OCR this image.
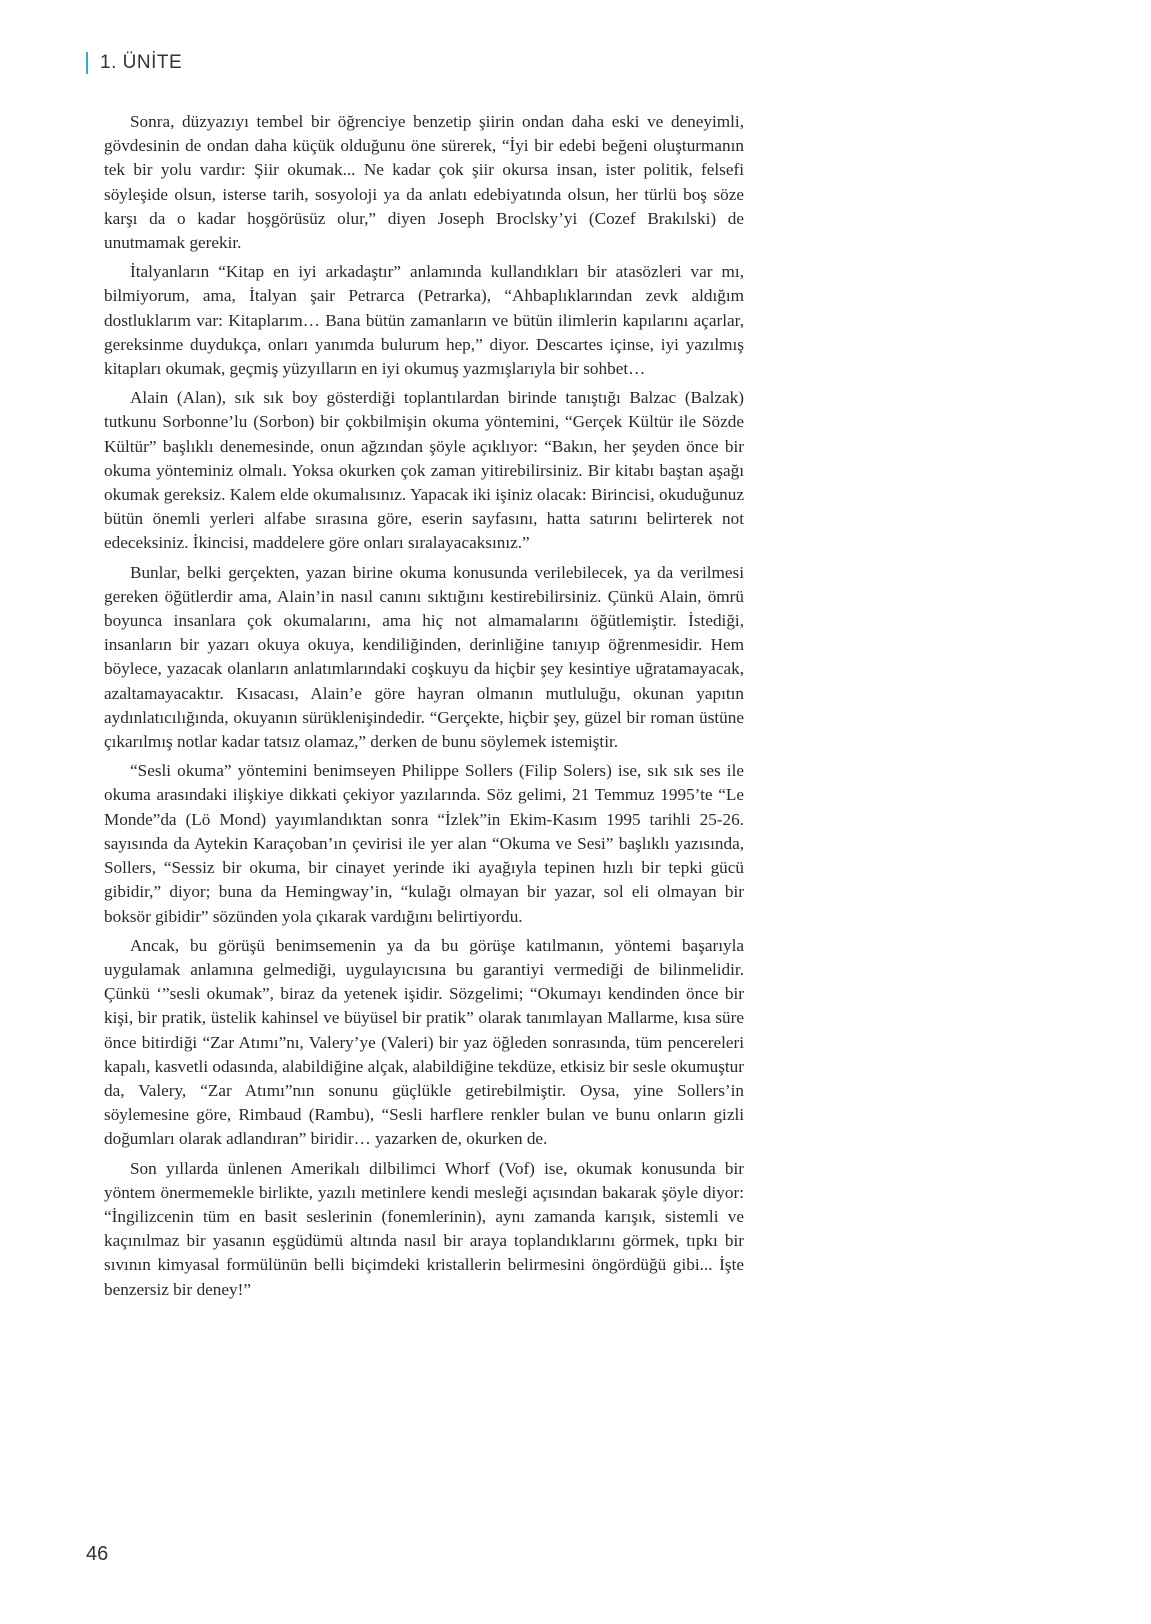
1. ÜNİTE

Sonra, düzyazıyı tembel bir öğrenciye benzetip şiirin ondan daha eski ve deneyimli, gövdesinin de ondan daha küçük olduğunu öne sürerek, “İyi bir edebi beğeni oluşturmanın tek bir yolu vardır: Şiir okumak... Ne kadar çok şiir okursa insan, ister politik, felsefi söyleşide olsun, isterse tarih, sosyoloji ya da anlatı edebiyatında olsun, her türlü boş söze karşı da o kadar hoşgörüsüz olur,” diyen Joseph Broclsky’yi (Cozef Brakılski) de unutmamak gerekir.

İtalyanların “Kitap en iyi arkadaştır” anlamında kullandıkları bir atasözleri var mı, bilmiyorum, ama, İtalyan şair Petrarca (Petrarka), “Ahbaplıklarından zevk aldığım dostluklarım var: Kitaplarım… Bana bütün zamanların ve bütün ilimlerin kapılarını açarlar, gereksinme duydukça, onları yanımda bulurum hep,” diyor. Descartes içinse, iyi yazılmış kitapları okumak, geçmiş yüzyılların en iyi okumuş yazmışlarıyla bir sohbet…

Alain (Alan), sık sık boy gösterdiği toplantılardan birinde tanıştığı Balzac (Balzak) tutkunu Sorbonne’lu (Sorbon) bir çokbilmişin okuma yöntemini, “Gerçek Kültür ile Sözde Kültür” başlıklı denemesinde, onun ağzından şöyle açıklıyor: “Bakın, her şeyden önce bir okuma yönteminiz olmalı. Yoksa okurken çok zaman yitirebilirsiniz. Bir kitabı baştan aşağı okumak gereksiz. Kalem elde okumalısınız. Yapacak iki işiniz olacak: Birincisi, okuduğunuz bütün önemli yerleri alfabe sırasına göre, eserin sayfasını, hatta satırını belirterek not edeceksiniz. İkincisi, maddelere göre onları sıralayacaksınız.”

Bunlar, belki gerçekten, yazan birine okuma konusunda verilebilecek, ya da verilmesi gereken öğütlerdir ama, Alain’in nasıl canını sıktığını kestirebilirsiniz. Çünkü Alain, ömrü boyunca insanlara çok okumalarını, ama hiç not almamalarını öğütlemiştir. İstediği, insanların bir yazarı okuya okuya, kendiliğinden, derinliğine tanıyıp öğrenmesidir. Hem böylece, yazacak olanların anlatımlarındaki coşkuyu da hiçbir şey kesintiye uğratamayacak, azaltamayacaktır. Kısacası, Alain’e göre hayran olmanın mutluluğu, okunan yapıtın aydınlatıcılığında, okuyanın sürüklenişindedir. “Gerçekte, hiçbir şey, güzel bir roman üstüne çıkarılmış notlar kadar tatsız olamaz,” derken de bunu söylemek istemiştir.

“Sesli okuma” yöntemini benimseyen Philippe Sollers (Filip Solers) ise, sık sık ses ile okuma arasındaki ilişkiye dikkati çekiyor yazılarında. Söz gelimi, 21 Temmuz 1995’te “Le Monde”da (Lö Mond) yayımlandıktan sonra “İzlek”in Ekim-Kasım 1995 tarihli 25-26. sayısında da Aytekin Karaçoban’ın çevirisi ile yer alan “Okuma ve Sesi” başlıklı yazısında, Sollers, “Sessiz bir okuma, bir cinayet yerinde iki ayağıyla tepinen hızlı bir tepki gücü gibidir,” diyor; buna da Hemingway’in, “kulağı olmayan bir yazar, sol eli olmayan bir boksör gibidir” sözünden yola çıkarak vardığını belirtiyordu.

Ancak, bu görüşü benimsemenin ya da bu görüşe katılmanın, yöntemi başarıyla uygulamak anlamına gelmediği, uygulayıcısına bu garantiyi vermediği de bilinmelidir. Çünkü ‘”sesli okumak”, biraz da yetenek işidir. Sözgelimi; “Okumayı kendinden önce bir kişi, bir pratik, üstelik kahinsel ve büyüsel bir pratik” olarak tanımlayan Mallarme, kısa süre önce bitirdiği “Zar Atımı”nı, Valery’ye (Valeri) bir yaz öğleden sonrasında, tüm pencereleri kapalı, kasvetli odasında, alabildiğine alçak, alabildiğine tekdüze, etkisiz bir sesle okumuştur da, Valery, “Zar Atımı”nın sonunu güçlükle getirebilmiştir. Oysa, yine Sollers’in söylemesine göre, Rimbaud (Rambu), “Sesli harflere renkler bulan ve bunu onların gizli doğumları olarak adlandıran” biridir… yazarken de, okurken de.

Son yıllarda ünlenen Amerikalı dilbilimci Whorf (Vof) ise, okumak konusunda bir yöntem önermemekle birlikte, yazılı metinlere kendi mesleği açısından bakarak şöyle diyor: “İngilizcenin tüm en basit seslerinin (fonemlerinin), aynı zamanda karışık, sistemli ve kaçınılmaz bir yasanın eşgüdümü altında nasıl bir araya toplandıklarını görmek, tıpkı bir sıvının kimyasal formülünün belli biçimdeki kristallerin belirmesini öngördüğü gibi... İşte benzersiz bir deney!”

46
